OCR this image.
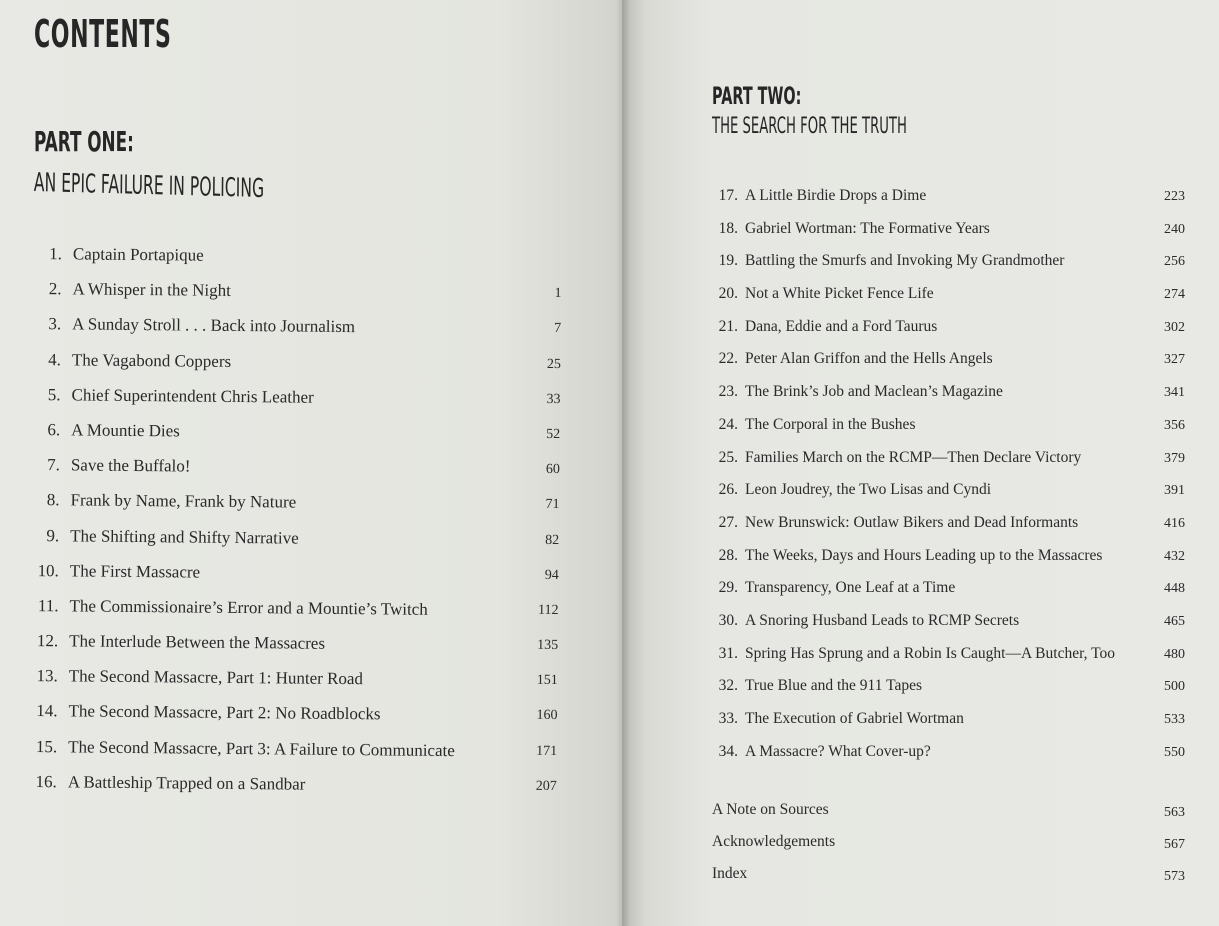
CONTENTS
PART ONE:
AN EPIC FAILURE IN POLICING
1. Captain Portapique
2. A Whisper in the Night	1
3. A Sunday Stroll . . . Back into Journalism	7
4. The Vagabond Coppers	25
5. Chief Superintendent Chris Leather	33
6. A Mountie Dies	52
7. Save the Buffalo!	60
8. Frank by Name, Frank by Nature	71
9. The Shifting and Shifty Narrative	82
10. The First Massacre	94
11. The Commissionaire’s Error and a Mountie’s Twitch	112
12. The Interlude Between the Massacres	135
13. The Second Massacre, Part 1: Hunter Road	151
14. The Second Massacre, Part 2: No Roadblocks	160
15. The Second Massacre, Part 3: A Failure to Communicate	171
16. A Battleship Trapped on a Sandbar	207
PART TWO:
THE SEARCH FOR THE TRUTH
17. A Little Birdie Drops a Dime	223
18. Gabriel Wortman: The Formative Years	240
19. Battling the Smurfs and Invoking My Grandmother	256
20. Not a White Picket Fence Life	274
21. Dana, Eddie and a Ford Taurus	302
22. Peter Alan Griffon and the Hells Angels	327
23. The Brink’s Job and Maclean’s Magazine	341
24. The Corporal in the Bushes	356
25. Families March on the RCMP—Then Declare Victory	379
26. Leon Joudrey, the Two Lisas and Cyndi	391
27. New Brunswick: Outlaw Bikers and Dead Informants	416
28. The Weeks, Days and Hours Leading up to the Massacres	432
29. Transparency, One Leaf at a Time	448
30. A Snoring Husband Leads to RCMP Secrets	465
31. Spring Has Sprung and a Robin Is Caught—A Butcher, Too	480
32. True Blue and the 911 Tapes	500
33. The Execution of Gabriel Wortman	533
34. A Massacre? What Cover-up?	550
A Note on Sources	563
Acknowledgements	567
Index	573
